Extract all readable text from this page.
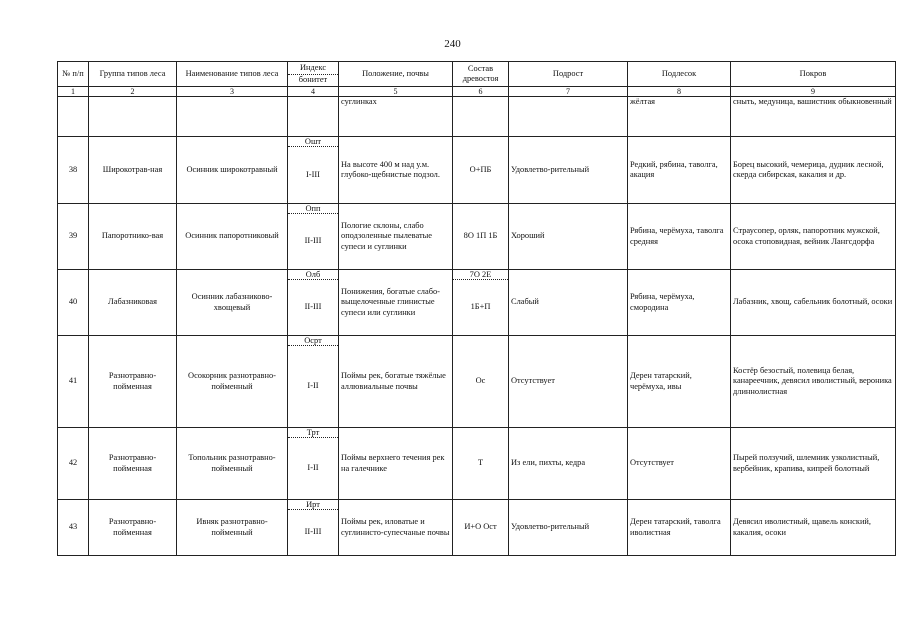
240
№ п/п	Группа типов леса	Наименование типов леса	Индекс	Положение, почвы	Состав древостоя	Подрост	Подлесок	Покров
			бонитет					
1	2	3	4	5	6	7	8	9
				суглинках			жёлтая	сныть, медуница, вашистник обыкновенный
38	Широкотрав-ная	Осинник широкотравный	Ошт	На высоте 400 м над у.м. глубоко-щебнистые подзол.	О+ПБ	Удовлетво-рительный	Редкий, рябина, таволга, акация	Борец высокий, чемерица, дудник лесной, скерда сибирская, какалия и др.
			I-III					
39	Папоротнико-вая	Осинник папоротниковый	Опп	Пологие склоны, слабо оподзоленные пылеватые супеси и суглинки	8О 1П 1Б	Хороший	Рябина, черёмуха, таволга средняя	Страусопер, орляк, папоротник мужской, осока стоповидная, вейник Лангсдорфа
			II-III					
40	Лабазниковая	Осинник лабазниково-хвощевый	Олб	Понижения, богатые слабо-выщелоченные глинистые супеси или суглинки	7О 2Е	Слабый	Рябина, черёмуха, смородина	Лабазник, хвощ, сабельник болотный, осоки
			II-III		1Б+П			
41	Разнотравно-пойменная	Осокорник разнотравно-пойменный	Осрт	Поймы рек, богатые тяжёлые аллювиальные почвы	Ос	Отсутствует	Дерен татарский, черёмуха, ивы	Костёр безостый, полевица белая, канареечник, девясил иволистный, вероника длиннолистная
			I-II					
42	Разнотравно-пойменная	Топольник разнотравно-пойменный	Трт	Поймы верхнего течения рек на галечнике	Т	Из ели, пихты, кедра	Отсутствует	Пырей ползучий, шлемник узколистный, вербейник, крапива, кипрей болотный
			I-II					
43	Разнотравно-пойменная	Ивняк разнотравно-пойменный	Ирт	Поймы рек, иловатые и суглинисто-супесчаные почвы	И+О Ост	Удовлетво-рительный	Дерен татарский, таволга иволистная	Девясил иволистный, щавель конский, какалия, осоки
			II-III					
